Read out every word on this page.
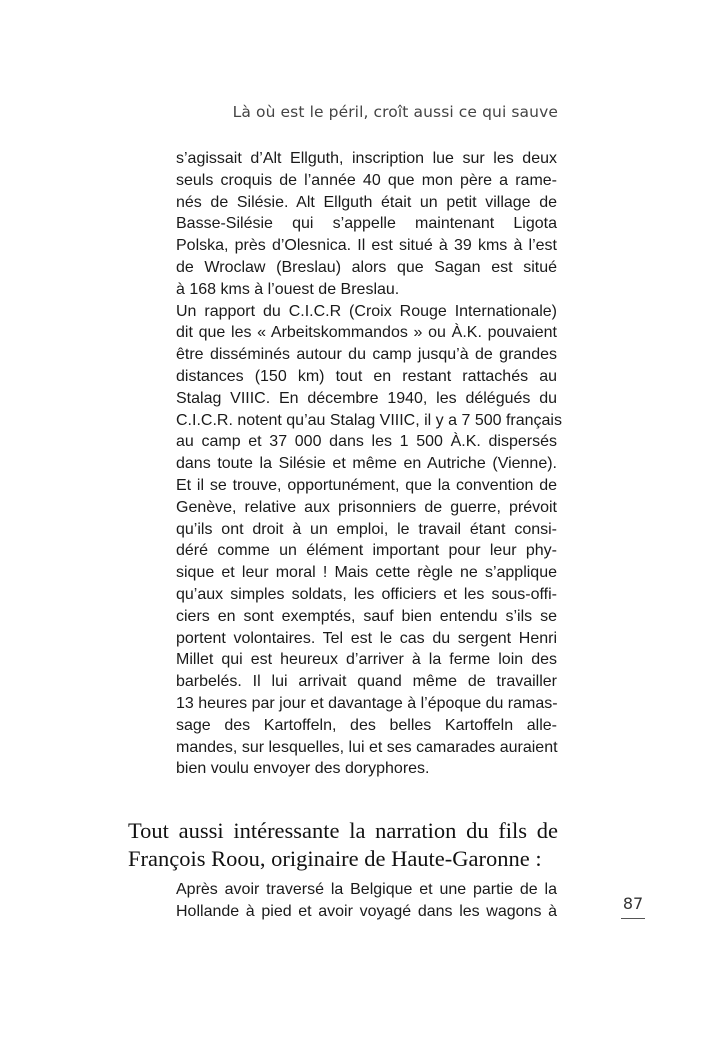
Là où est le péril, croît aussi ce qui sauve
s’agissait d’Alt Ellguth, inscription lue sur les deux
seuls croquis de l’année 40 que mon père a rame-
nés de Silésie. Alt Ellguth était un petit village de
Basse-Silésie qui s’appelle maintenant Ligota
Polska, près d’Olesnica. Il est situé à 39 kms à l’est
de Wroclaw (Breslau) alors que Sagan est situé
à 168 kms à l’ouest de Breslau.
Un rapport du C.I.C.R (Croix Rouge Internationale)
dit que les « Arbeitskommandos » ou À.K. pouvaient
être disséminés autour du camp jusqu’à de grandes
distances (150 km) tout en restant rattachés au
Stalag VIIIC. En décembre 1940, les délégués du
C.I.C.R. notent qu’au Stalag VIIIC, il y a 7 500 français
au camp et 37 000 dans les 1 500 À.K. dispersés
dans toute la Silésie et même en Autriche (Vienne).
Et il se trouve, opportunément, que la convention de
Genève, relative aux prisonniers de guerre, prévoit
qu’ils ont droit à un emploi, le travail étant consi-
déré comme un élément important pour leur phy-
sique et leur moral ! Mais cette règle ne s’applique
qu’aux simples soldats, les officiers et les sous-offi-
ciers en sont exemptés, sauf bien entendu s’ils se
portent volontaires. Tel est le cas du sergent Henri
Millet qui est heureux d’arriver à la ferme loin des
barbelés. Il lui arrivait quand même de travailler
13 heures par jour et davantage à l’époque du ramas-
sage des Kartoffeln, des belles Kartoffeln alle-
mandes, sur lesquelles, lui et ses camarades auraient
bien voulu envoyer des doryphores.
Tout aussi intéressante la narration du fils de
François Roou, originaire de Haute-Garonne :
Après avoir traversé la Belgique et une partie de la
Hollande à pied et avoir voyagé dans les wagons à	87
